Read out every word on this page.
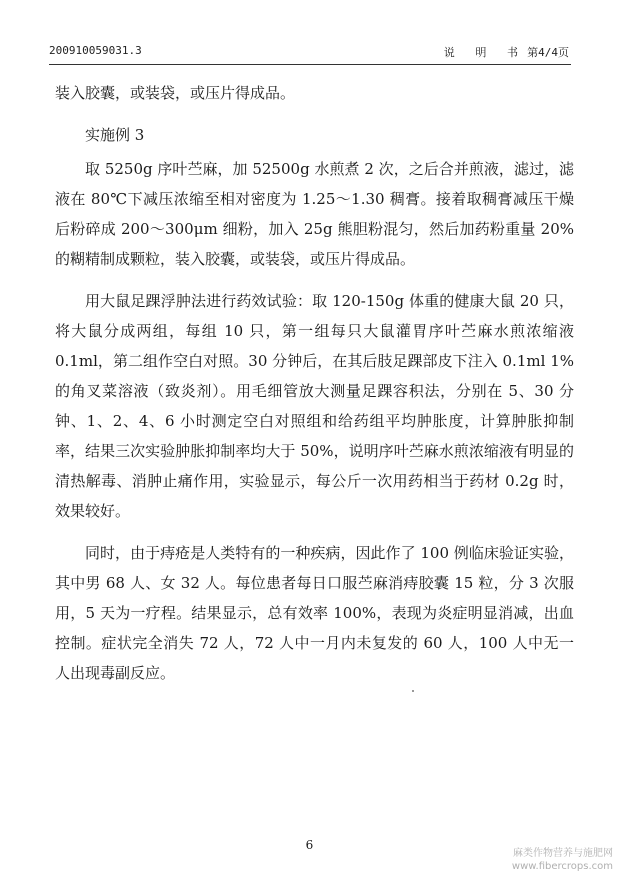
200910059031.3	说 明 书 第4/4页

装入胶囊，或装袋，或压片得成品。

实施例 3

取 5250g 序叶苎麻，加 52500g 水煎煮 2 次，之后合并煎液，滤过，滤液在 80℃下减压浓缩至相对密度为 1.25～1.30 稠膏。接着取稠膏减压干燥后粉碎成 200～300μm 细粉，加入 25g 熊胆粉混匀，然后加药粉重量 20%的糊精制成颗粒，装入胶囊，或装袋，或压片得成品。

用大鼠足踝浮肿法进行药效试验：取 120-150g 体重的健康大鼠 20 只，将大鼠分成两组，每组 10 只，第一组每只大鼠灌胃序叶苎麻水煎浓缩液 0.1ml，第二组作空白对照。30 分钟后，在其后肢足踝部皮下注入 0.1ml 1%的角叉菜溶液（致炎剂）。用毛细管放大测量足踝容积法，分别在 5、30 分钟、1、2、4、6 小时测定空白对照组和给药组平均肿胀度，计算肿胀抑制率，结果三次实验肿胀抑制率均大于 50%，说明序叶苎麻水煎浓缩液有明显的清热解毒、消肿止痛作用，实验显示，每公斤一次用药相当于药材 0.2g 时，效果较好。

同时，由于痔疮是人类特有的一种疾病，因此作了 100 例临床验证实验，其中男 68 人、女 32 人。每位患者每日口服苎麻消痔胶囊 15 粒，分 3 次服用，5 天为一疗程。结果显示，总有效率 100%，表现为炎症明显消减，出血控制。症状完全消失 72 人，72 人中一月内未复发的 60 人，100 人中无一人出现毒副反应。

6
麻类作物营养与施肥网
www.fibercrops.com
